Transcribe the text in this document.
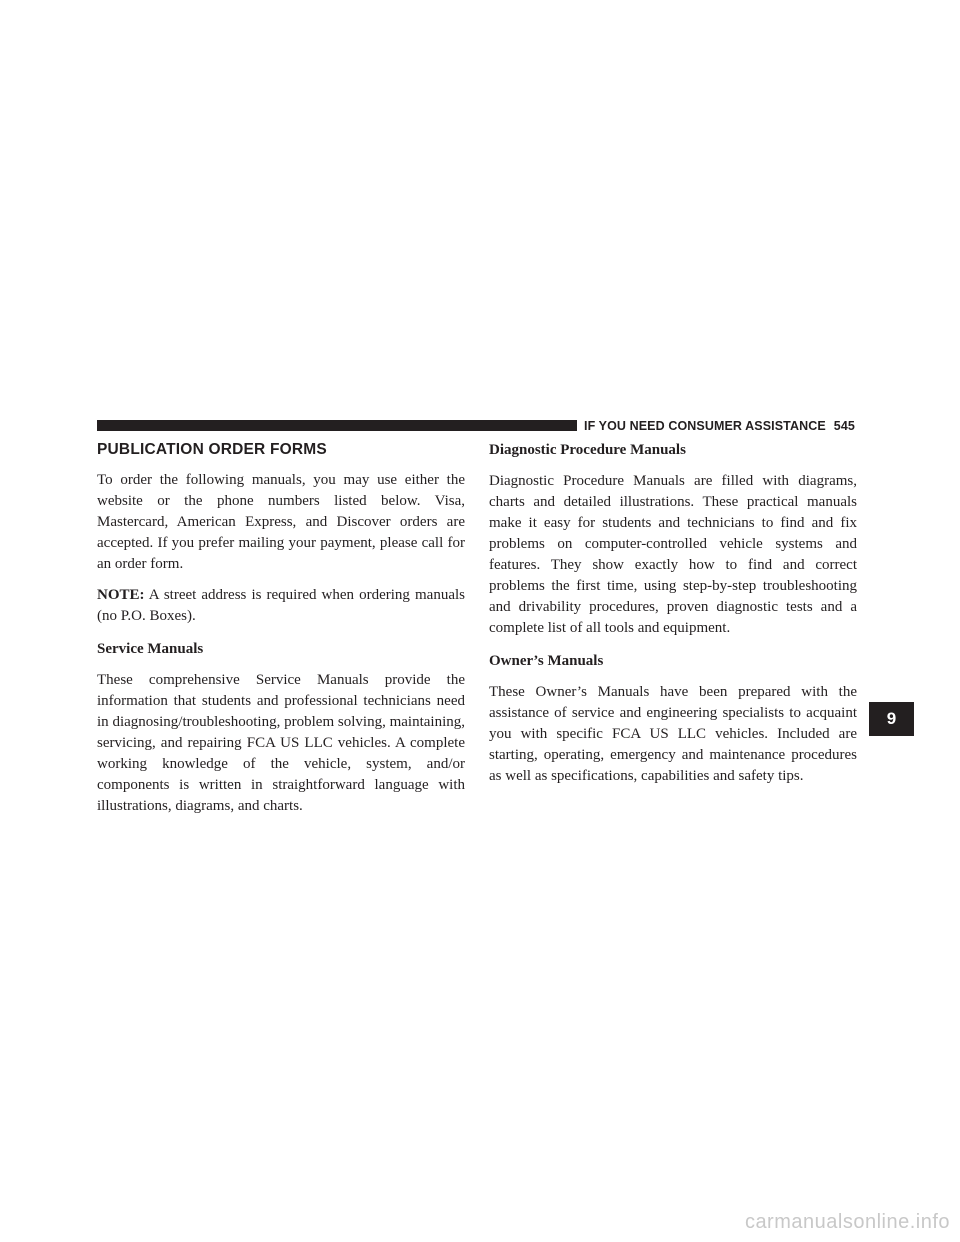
IF YOU NEED CONSUMER ASSISTANCE 545
PUBLICATION ORDER FORMS

To order the following manuals, you may use either the website or the phone numbers listed below. Visa, Mastercard, American Express, and Discover orders are accepted. If you prefer mailing your payment, please call for an order form.

NOTE: A street address is required when ordering manuals (no P.O. Boxes).

Service Manuals

These comprehensive Service Manuals provide the information that students and professional technicians need in diagnosing/troubleshooting, problem solving, maintaining, servicing, and repairing FCA US LLC vehicles. A complete working knowledge of the vehicle, system, and/or components is written in straightforward language with illustrations, diagrams, and charts.

Diagnostic Procedure Manuals

Diagnostic Procedure Manuals are filled with diagrams, charts and detailed illustrations. These practical manuals make it easy for students and technicians to find and fix problems on computer-controlled vehicle systems and features. They show exactly how to find and correct problems the first time, using step-by-step troubleshooting and drivability procedures, proven diagnostic tests and a complete list of all tools and equipment.

Owner’s Manuals

These Owner’s Manuals have been prepared with the assistance of service and engineering specialists to acquaint you with specific FCA US LLC vehicles. Included are starting, operating, emergency and maintenance procedures as well as specifications, capabilities and safety tips.

9
carmanualsonline.info
